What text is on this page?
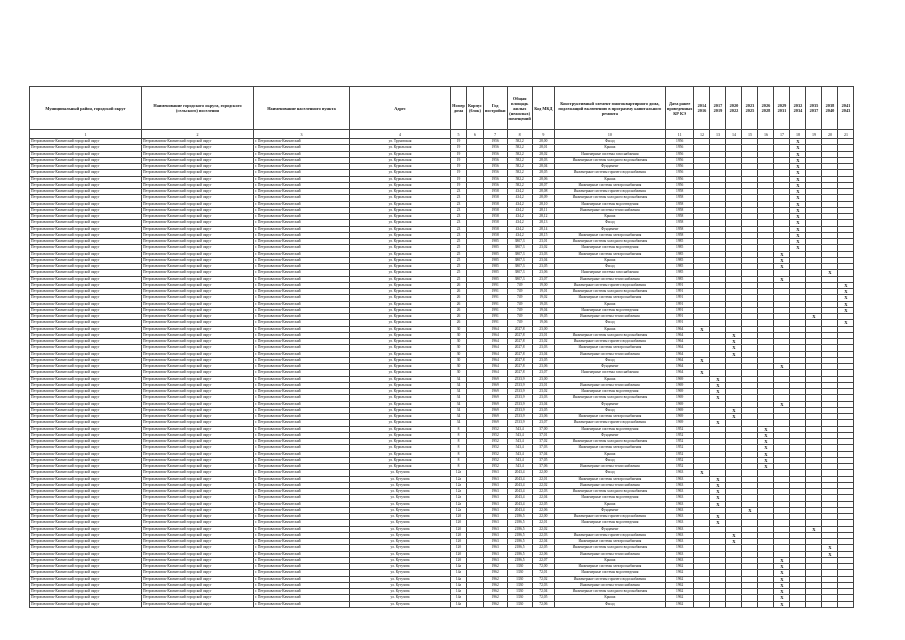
Муниципальный район, городской округ	Наименование городского округа, городского (сельского) поселения	Наименование населенного пункта	Адрес	Номер дома	Корпус (блок)	Год постройки	Общая площадь жилых (нежилых) помещений	Код МКД	Конструктивный элемент многоквартирного дома, подлежащий включению в программу капитального ремонта	Дата ранее проведенных КР КЭ	2014 2016	2017 2019	2020 2022	2023 2025	2026 2028	2029 2031	2032 2034	2035 2037	2038 2040	2041 2043
1	2	3	4	5	6	7	8	9	10	11	12	13	14	15	16	17	18	19	20	21
Петропавловск-Камчатский городской округ	Петропавловск-Камчатский городской округ	г. Петропавловск-Камчатский	ул. Труновская	19		1956	582,2	28,00	Фасад	1956							X			
Петропавловск-Камчатский городской округ	Петропавловск-Камчатский городской округ	г. Петропавловск-Камчатский	ул. Курильская	19		1956	582,2	28,01	Крыша	1956							X			
Петропавловск-Камчатский городской округ	Петропавловск-Камчатский городской округ	г. Петропавловск-Камчатский	ул. Курильская	19		1956	582,2	28,02	Инженерные системы газоснабжения	1956							X			
Петропавловск-Камчатский городской округ	Петропавловск-Камчатский городской округ	г. Петропавловск-Камчатский	ул. Курильская	19		1956	582,2	28,03	Инженерные системы холодного водоснабжения	1956							X			
Петропавловск-Камчатский городской округ	Петропавловск-Камчатский городской округ	г. Петропавловск-Камчатский	ул. Курильская	19		1956	582,2	28,04	Фундамент	1956							X			
Петропавловск-Камчатский городской округ	Петропавловск-Камчатский городской округ	г. Петропавловск-Камчатский	ул. Курильская	19		1956	582,2	28,05	Инженерные системы горячего водоснабжения	1956							X			
Петропавловск-Камчатский городской округ	Петропавловск-Камчатский городской округ	г. Петропавловск-Камчатский	ул. Курильская	19		1956	582,2	28,06	Крыша	1956							X			
Петропавловск-Камчатский городской округ	Петропавловск-Камчатский городской округ	г. Петропавловск-Камчатский	ул. Курильская	19		1956	582,2	28,07	Инженерные системы электроснабжения	1956							X			
Петропавловск-Камчатский городской округ	Петропавловск-Камчатский городской округ	г. Петропавловск-Камчатский	ул. Курильская	23		1958	434,2	28,08	Инженерные системы горячего водоснабжения	1958							X			
Петропавловск-Камчатский городской округ	Петропавловск-Камчатский городской округ	г. Петропавловск-Камчатский	ул. Курильская	23		1958	434,2	28,09	Инженерные системы холодного водоснабжения	1958							X			
Петропавловск-Камчатский городской округ	Петропавловск-Камчатский городской округ	г. Петропавловск-Камчатский	ул. Курильская	23		1958	434,2	28,10	Инженерные системы водоотведения	1958							X			
Петропавловск-Камчатский городской округ	Петропавловск-Камчатский городской округ	г. Петропавловск-Камчатский	ул. Курильская	23		1958	434,2	28,11	Инженерные системы теплоснабжения	1958							X			
Петропавловск-Камчатский городской округ	Петропавловск-Камчатский городской округ	г. Петропавловск-Камчатский	ул. Курильская	23		1958	434,2	28,12	Крыша	1958							X			
Петропавловск-Камчатский городской округ	Петропавловск-Камчатский городской округ	г. Петропавловск-Камчатский	ул. Курильская	23		1958	434,2	28,13	Фасад	1958							X			
Петропавловск-Камчатский городской округ	Петропавловск-Камчатский городской округ	г. Петропавловск-Камчатский	ул. Курильская	23		1958	434,2	28,14	Фундамент	1958							X			
Петропавловск-Камчатский городской округ	Петропавловск-Камчатский городской округ	г. Петропавловск-Камчатский	ул. Курильская	23		1958	434,2	28,15	Инженерные системы электроснабжения	1958							X			
Петропавловск-Камчатский городской округ	Петропавловск-Камчатский городской округ	г. Петропавловск-Камчатский	ул. Курильская	25		1985	3807,3	23,01	Инженерные системы холодного водоснабжения	1985							X			
Петропавловск-Камчатский городской округ	Петропавловск-Камчатский городской округ	г. Петропавловск-Камчатский	ул. Курильская	25		1985	3807,3	23,02	Инженерные системы водоотведения	1985							X			
Петропавловск-Камчатский городской округ	Петропавловск-Камчатский городской округ	г. Петропавловск-Камчатский	ул. Курильская	25		1985	3807,3	23,03	Инженерные системы электроснабжения	1985						X				
Петропавловск-Камчатский городской округ	Петропавловск-Камчатский городской округ	г. Петропавловск-Камчатский	ул. Курильская	25		1985	3807,3	23,04	Крыша	1985						X				
Петропавловск-Камчатский городской округ	Петропавловск-Камчатский городской округ	г. Петропавловск-Камчатский	ул. Курильская	25		1985	3807,3	23,05	Фасад	1985						X				
Петропавловск-Камчатский городской округ	Петропавловск-Камчатский городской округ	г. Петропавловск-Камчатский	ул. Курильская	25		1985	3807,3	23,06	Инженерные системы газоснабжения	1985									X	
Петропавловск-Камчатский городской округ	Петропавловск-Камчатский городской округ	г. Петропавловск-Камчатский	ул. Курильская	25		1985	3807,3	23,07	Инженерные системы теплоснабжения	1985						X				
Петропавловск-Камчатский городской округ	Петропавловск-Камчатский городской округ	г. Петропавловск-Камчатский	ул. Курильская	26		1991	749	19,00	Инженерные системы горячего водоснабжения	1991										X
Петропавловск-Камчатский городской округ	Петропавловск-Камчатский городской округ	г. Петропавловск-Камчатский	ул. Курильская	26		1991	749	19,01	Инженерные системы холодного водоснабжения	1991										X
Петропавловск-Камчатский городской округ	Петропавловск-Камчатский городской округ	г. Петропавловск-Камчатский	ул. Курильская	26		1991	749	19,02	Инженерные системы электроснабжения	1991										X
Петропавловск-Камчатский городской округ	Петропавловск-Камчатский городской округ	г. Петропавловск-Камчатский	ул. Курильская	26		1991	749	19,03	Крыша	1991										X
Петропавловск-Камчатский городской округ	Петропавловск-Камчатский городской округ	г. Петропавловск-Камчатский	ул. Курильская	26		1991	749	19,04	Инженерные системы водоотведения	1991										X
Петропавловск-Камчатский городской округ	Петропавловск-Камчатский городской округ	г. Петропавловск-Камчатский	ул. Курильская	26		1991	749	19,05	Инженерные системы теплоснабжения	1991								X		
Петропавловск-Камчатский городской округ	Петропавловск-Камчатский городской округ	г. Петропавловск-Камчатский	ул. Курильская	26		1991	749	19,06	Фасад	1991										X
Петропавловск-Камчатский городской округ	Петропавловск-Камчатский городской округ	г. Петропавловск-Камчатский	ул. Курильская	30		1964	2027,8	23,00	Крыша	1964	X									
Петропавловск-Камчатский городской округ	Петропавловск-Камчатский городской округ	г. Петропавловск-Камчатский	ул. Курильская	30		1964	2027,8	23,01	Инженерные системы холодного водоснабжения	1964			X							
Петропавловск-Камчатский городской округ	Петропавловск-Камчатский городской округ	г. Петропавловск-Камчатский	ул. Курильская	30		1964	2027,8	23,02	Инженерные системы горячего водоснабжения	1964			X							
Петропавловск-Камчатский городской округ	Петропавловск-Камчатский городской округ	г. Петропавловск-Камчатский	ул. Курильская	30		1964	2027,8	23,03	Инженерные системы электроснабжения	1964			X							
Петропавловск-Камчатский городской округ	Петропавловск-Камчатский городской округ	г. Петропавловск-Камчатский	ул. Курильская	30		1964	2027,8	23,04	Инженерные системы теплоснабжения	1964			X							
Петропавловск-Камчатский городской округ	Петропавловск-Камчатский городской округ	г. Петропавловск-Камчатский	ул. Курильская	30		1964	2027,8	23,05	Фасад	1964	X									
Петропавловск-Камчатский городской округ	Петропавловск-Камчатский городской округ	г. Петропавловск-Камчатский	ул. Курильская	30		1964	2027,8	23,06	Фундамент	1964						X				
Петропавловск-Камчатский городской округ	Петропавловск-Камчатский городской округ	г. Петропавловск-Камчатский	ул. Курильская	30		1964	2027,8	23,07	Инженерные системы газоснабжения	1964	X									
Петропавловск-Камчатский городской округ	Петропавловск-Камчатский городской округ	г. Петропавловск-Камчатский	ул. Курильская	34		1969	2533,9	23,00	Крыша	1969		X								
Петропавловск-Камчатский городской округ	Петропавловск-Камчатский городской округ	г. Петропавловск-Камчатский	ул. Курильская	34		1969	2533,9	23,01	Инженерные системы теплоснабжения	1969		X								
Петропавловск-Камчатский городской округ	Петропавловск-Камчатский городской округ	г. Петропавловск-Камчатский	ул. Курильская	34		1969	2533,9	23,02	Инженерные системы водоотведения	1969		X								
Петропавловск-Камчатский городской округ	Петропавловск-Камчатский городской округ	г. Петропавловск-Камчатский	ул. Курильская	34		1969	2533,9	23,03	Инженерные системы холодного водоснабжения	1969		X								
Петропавловск-Камчатский городской округ	Петропавловск-Камчатский городской округ	г. Петропавловск-Камчатский	ул. Курильская	34		1969	2533,9	23,04	Фундамент	1969						X				
Петропавловск-Камчатский городской округ	Петропавловск-Камчатский городской округ	г. Петропавловск-Камчатский	ул. Курильская	34		1969	2533,9	23,05	Фасад	1969			X							
Петропавловск-Камчатский городской округ	Петропавловск-Камчатский городской округ	г. Петропавловск-Камчатский	ул. Курильская	34		1969	2533,9	23,06	Инженерные системы электроснабжения	1969			X							
Петропавловск-Камчатский городской округ	Петропавловск-Камчатский городской округ	г. Петропавловск-Камчатский	ул. Курильская	34		1969	2533,9	23,07	Инженерные системы горячего водоснабжения	1969		X								
Петропавловск-Камчатский городской округ	Петропавловск-Камчатский городской округ	г. Петропавловск-Камчатский	ул. Курильская	8		1952	543,4	37,00	Инженерные системы водоотведения	1952					X					
Петропавловск-Камчатский городской округ	Петропавловск-Камчатский городской округ	г. Петропавловск-Камчатский	ул. Курильская	8		1952	543,4	37,01	Фундамент	1952					X					
Петропавловск-Камчатский городской округ	Петропавловск-Камчатский городской округ	г. Петропавловск-Камчатский	ул. Курильская	8		1952	543,4	37,02	Инженерные системы холодного водоснабжения	1952					X					
Петропавловск-Камчатский городской округ	Петропавловск-Камчатский городской округ	г. Петропавловск-Камчатский	ул. Курильская	8		1952	543,4	37,03	Инженерные системы электроснабжения	1952					X					
Петропавловск-Камчатский городской округ	Петропавловск-Камчатский городской округ	г. Петропавловск-Камчатский	ул. Курильская	8		1952	543,4	37,04	Крыша	1952					X					
Петропавловск-Камчатский городской округ	Петропавловск-Камчатский городской округ	г. Петропавловск-Камчатский	ул. Курильская	8		1952	543,4	37,05	Фасад	1952					X					
Петропавловск-Камчатский городской округ	Петропавловск-Камчатский городской округ	г. Петропавловск-Камчатский	ул. Курильская	8		1952	543,4	37,06	Инженерные системы теплоснабжения	1952					X					
Петропавловск-Камчатский городской округ	Петропавловск-Камчатский городской округ	г. Петропавловск-Камчатский	ул. Кутузова	12а		1963	2043,4	22,00	Фасад	1963	X									
Петропавловск-Камчатский городской округ	Петропавловск-Камчатский городской округ	г. Петропавловск-Камчатский	ул. Кутузова	12а		1963	2043,4	22,01	Инженерные системы электроснабжения	1963		X								
Петропавловск-Камчатский городской округ	Петропавловск-Камчатский городской округ	г. Петропавловск-Камчатский	ул. Кутузова	12а		1963	2043,4	22,02	Инженерные системы теплоснабжения	1963		X								
Петропавловск-Камчатский городской округ	Петропавловск-Камчатский городской округ	г. Петропавловск-Камчатский	ул. Кутузова	12а		1963	2043,4	22,03	Инженерные системы холодного водоснабжения	1963		X								
Петропавловск-Камчатский городской округ	Петропавловск-Камчатский городской округ	г. Петропавловск-Камчатский	ул. Кутузова	12а		1963	2043,4	22,04	Инженерные системы водоотведения	1963		X								
Петропавловск-Камчатский городской округ	Петропавловск-Камчатский городской округ	г. Петропавловск-Камчатский	ул. Кутузова	12а		1963	2043,4	22,05	Крыша	1963		X								
Петропавловск-Камчатский городской округ	Петропавловск-Камчатский городской округ	г. Петропавловск-Камчатский	ул. Кутузова	12а		1963	2043,4	22,06	Фундамент	1963				X						
Петропавловск-Камчатский городской округ	Петропавловск-Камчатский городской округ	г. Петропавловск-Камчатский	ул. Кутузова	12б		1963	2186,5	22,00	Инженерные системы горячего водоснабжения	1963		X								
Петропавловск-Камчатский городской округ	Петропавловск-Камчатский городской округ	г. Петропавловск-Камчатский	ул. Кутузова	12б		1963	2186,5	22,01	Инженерные системы водоотведения	1963		X								
Петропавловск-Камчатский городской округ	Петропавловск-Камчатский городской округ	г. Петропавловск-Камчатский	ул. Кутузова	12б		1963	2186,5	22,02	Фундамент	1963								X		
Петропавловск-Камчатский городской округ	Петропавловск-Камчатский городской округ	г. Петропавловск-Камчатский	ул. Кутузова	12б		1963	2186,5	22,03	Инженерные системы горячего водоснабжения	1963			X							
Петропавловск-Камчатский городской округ	Петропавловск-Камчатский городской округ	г. Петропавловск-Камчатский	ул. Кутузова	12б		1963	2186,5	22,04	Инженерные системы электроснабжения	1963			X							
Петропавловск-Камчатский городской округ	Петропавловск-Камчатский городской округ	г. Петропавловск-Камчатский	ул. Кутузова	12б		1963	2186,5	22,05	Инженерные системы холодного водоснабжения	1963									X	
Петропавловск-Камчатский городской округ	Петропавловск-Камчатский городской округ	г. Петропавловск-Камчатский	ул. Кутузова	12б		1963	2186,5	22,06	Инженерные системы теплоснабжения	1963									X	
Петропавловск-Камчатский городской округ	Петропавловск-Камчатский городской округ	г. Петропавловск-Камчатский	ул. Кутузова	12б		1963	2186,5	22,07	Крыша	1963						X				
Петропавловск-Камчатский городской округ	Петропавловск-Камчатский городской округ	г. Петропавловск-Камчатский	ул. Кутузова	14а		1962	1330	72,00	Инженерные системы электроснабжения	1962						X				
Петропавловск-Камчатский городской округ	Петропавловск-Камчатский городской округ	г. Петропавловск-Камчатский	ул. Кутузова	14а		1962	1330	72,01	Инженерные системы водоотведения	1962						X				
Петропавловск-Камчатский городской округ	Петропавловск-Камчатский городской округ	г. Петропавловск-Камчатский	ул. Кутузова	14а		1962	1330	72,02	Инженерные системы горячего водоснабжения	1962						X				
Петропавловск-Камчатский городской округ	Петропавловск-Камчатский городской округ	г. Петропавловск-Камчатский	ул. Кутузова	14а		1962	1330	72,03	Инженерные системы теплоснабжения	1962						X				
Петропавловск-Камчатский городской округ	Петропавловск-Камчатский городской округ	г. Петропавловск-Камчатский	ул. Кутузова	14а		1962	1330	72,04	Инженерные системы холодного водоснабжения	1962						X				
Петропавловск-Камчатский городской округ	Петропавловск-Камчатский городской округ	г. Петропавловск-Камчатский	ул. Кутузова	14а		1962	1330	72,05	Крыша	1962						X				
Петропавловск-Камчатский городской округ	Петропавловск-Камчатский городской округ	г. Петропавловск-Камчатский	ул. Кутузова	14а		1962	1330	72,06	Фасад	1962						X				
